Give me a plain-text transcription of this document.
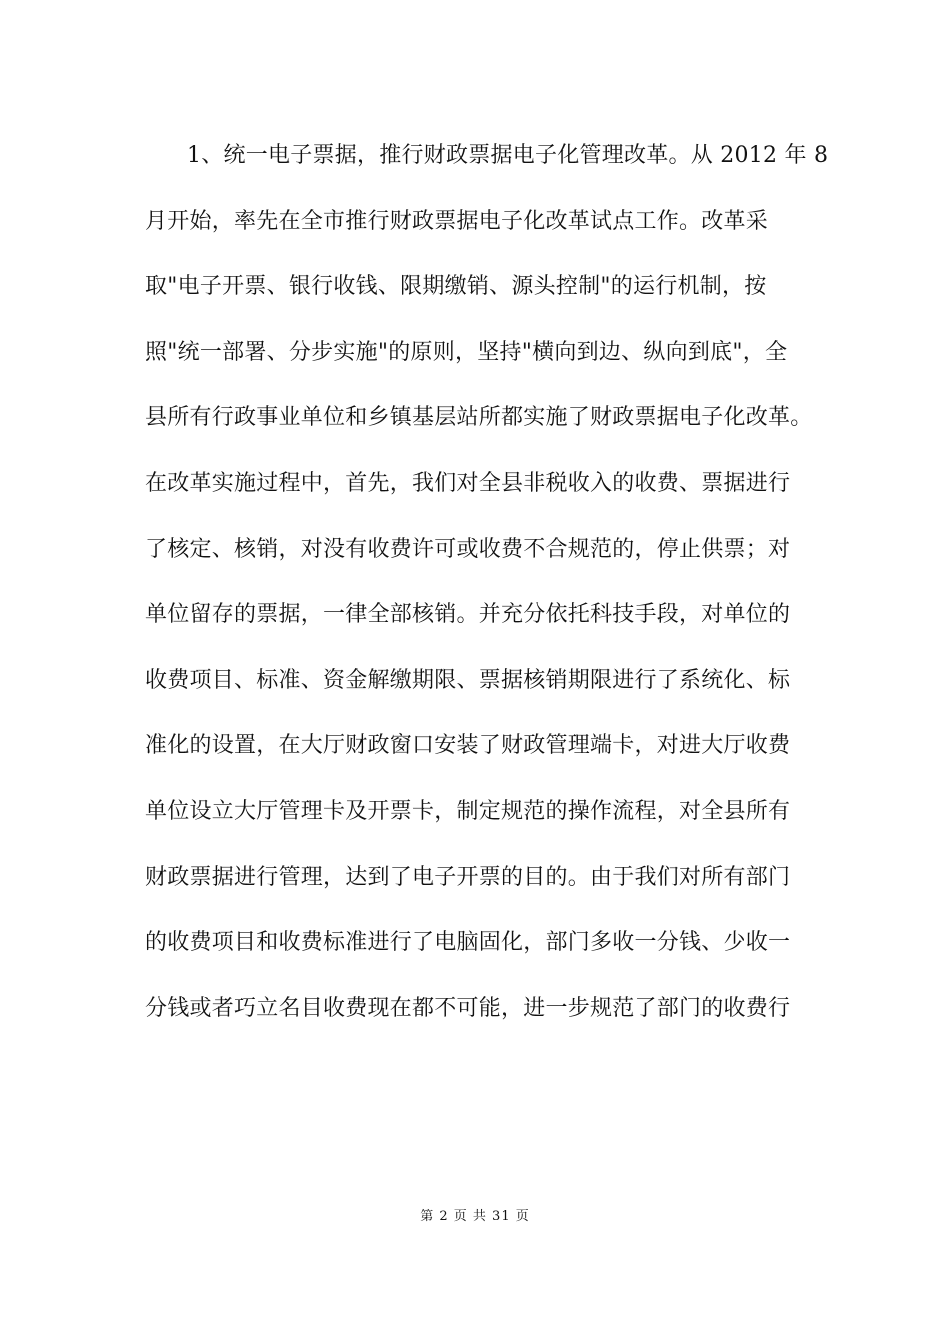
1、统一电子票据，推行财政票据电子化管理改革。从 2012 年 8
月开始，率先在全市推行财政票据电子化改革试点工作。改革采
取"电子开票、银行收钱、限期缴销、源头控制"的运行机制，按
照"统一部署、分步实施"的原则，坚持"横向到边、纵向到底"，全
县所有行政事业单位和乡镇基层站所都实施了财政票据电子化改革。
在改革实施过程中，首先，我们对全县非税收入的收费、票据进行
了核定、核销，对没有收费许可或收费不合规范的，停止供票；对
单位留存的票据，一律全部核销。并充分依托科技手段，对单位的
收费项目、标准、资金解缴期限、票据核销期限进行了系统化、标
准化的设置，在大厅财政窗口安装了财政管理端卡，对进大厅收费
单位设立大厅管理卡及开票卡，制定规范的操作流程，对全县所有
财政票据进行管理，达到了电子开票的目的。由于我们对所有部门
的收费项目和收费标准进行了电脑固化，部门多收一分钱、少收一
分钱或者巧立名目收费现在都不可能，进一步规范了部门的收费行
第 2 页 共 31 页
